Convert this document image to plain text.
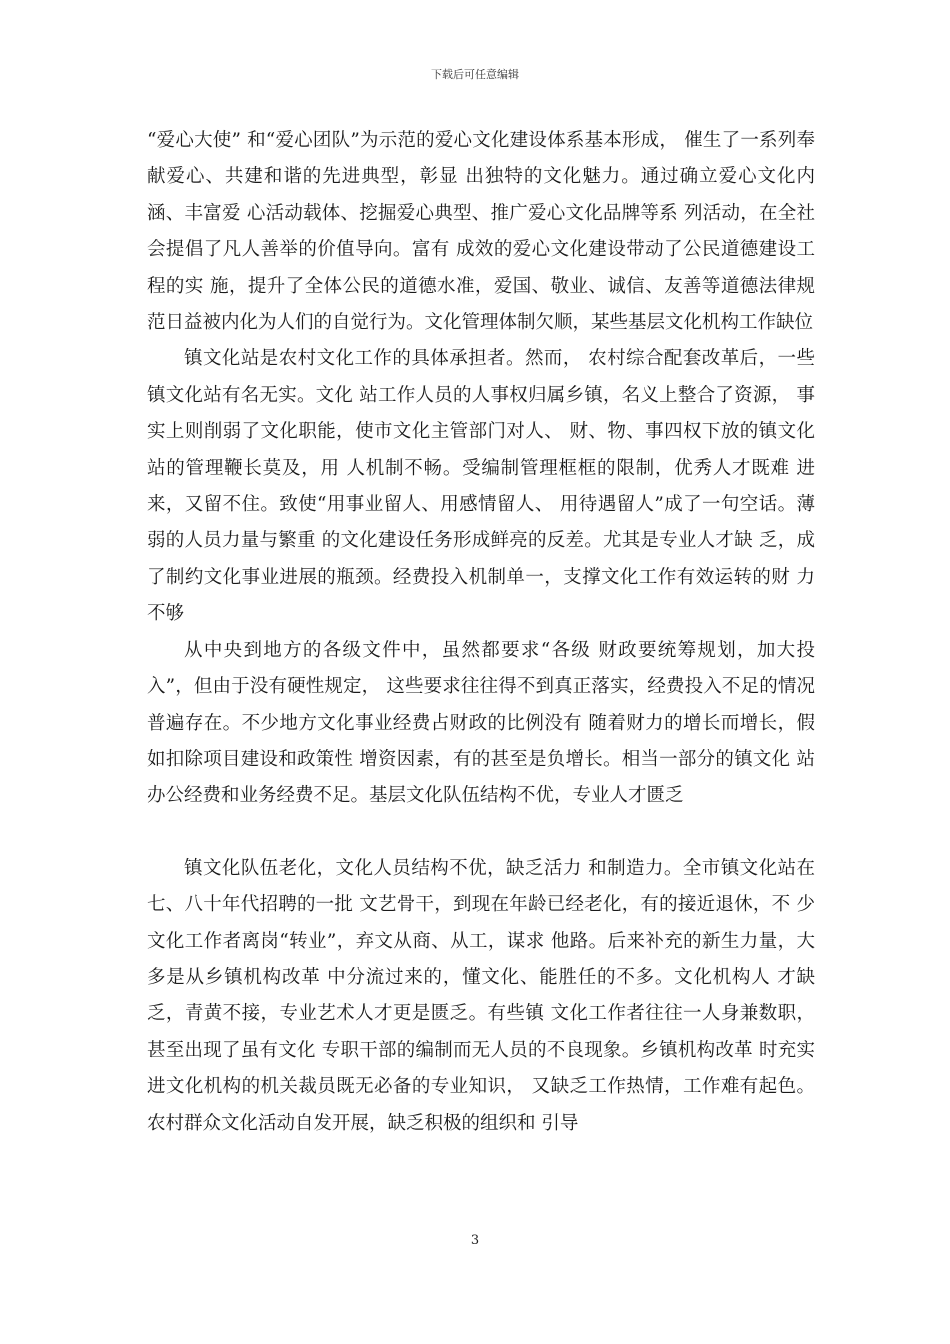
下载后可任意编辑

“爱心大使” 和“爱心团队”为示范的爱心文化建设体系基本形成， 催生了一系列奉献爱心、共建和谐的先进典型，彰显 出独特的文化魅力。通过确立爱心文化内涵、丰富爱 心活动载体、挖掘爱心典型、推广爱心文化品牌等系 列活动，在全社会提倡了凡人善举的价值导向。富有 成效的爱心文化建设带动了公民道德建设工程的实 施，提升了全体公民的道德水准，爱国、敬业、诚信、友善等道德法律规范日益被内化为人们的自觉行为。文化管理体制欠顺，某些基层文化机构工作缺位

镇文化站是农村文化工作的具体承担者。然而， 农村综合配套改革后，一些镇文化站有名无实。文化 站工作人员的人事权归属乡镇，名义上整合了资源， 事实上则削弱了文化职能，使市文化主管部门对人、 财、物、事四权下放的镇文化站的管理鞭长莫及，用 人机制不畅。受编制管理框框的限制，优秀人才既难 进来，又留不住。致使“用事业留人、用感情留人、 用待遇留人”成了一句空话。薄弱的人员力量与繁重 的文化建设任务形成鲜亮的反差。尤其是专业人才缺 乏，成了制约文化事业进展的瓶颈。经费投入机制单一，支撑文化工作有效运转的财 力不够

从中央到地方的各级文件中，虽然都要求“各级 财政要统筹规划，加大投入”，但由于没有硬性规定， 这些要求往往得不到真正落实，经费投入不足的情况 普遍存在。不少地方文化事业经费占财政的比例没有 随着财力的增长而增长，假如扣除项目建设和政策性 增资因素，有的甚至是负增长。相当一部分的镇文化 站办公经费和业务经费不足。基层文化队伍结构不优，专业人才匮乏

镇文化队伍老化，文化人员结构不优，缺乏活力 和制造力。全市镇文化站在七、八十年代招聘的一批 文艺骨干，到现在年龄已经老化，有的接近退休，不 少文化工作者离岗“转业”，弃文从商、从工，谋求 他路。后来补充的新生力量，大多是从乡镇机构改革 中分流过来的，懂文化、能胜任的不多。文化机构人 才缺乏，青黄不接，专业艺术人才更是匮乏。有些镇 文化工作者往往一人身兼数职，甚至出现了虽有文化 专职干部的编制而无人员的不良现象。乡镇机构改革 时充实进文化机构的机关裁员既无必备的专业知识， 又缺乏工作热情，工作难有起色。农村群众文化活动自发开展，缺乏积极的组织和 引导

3
